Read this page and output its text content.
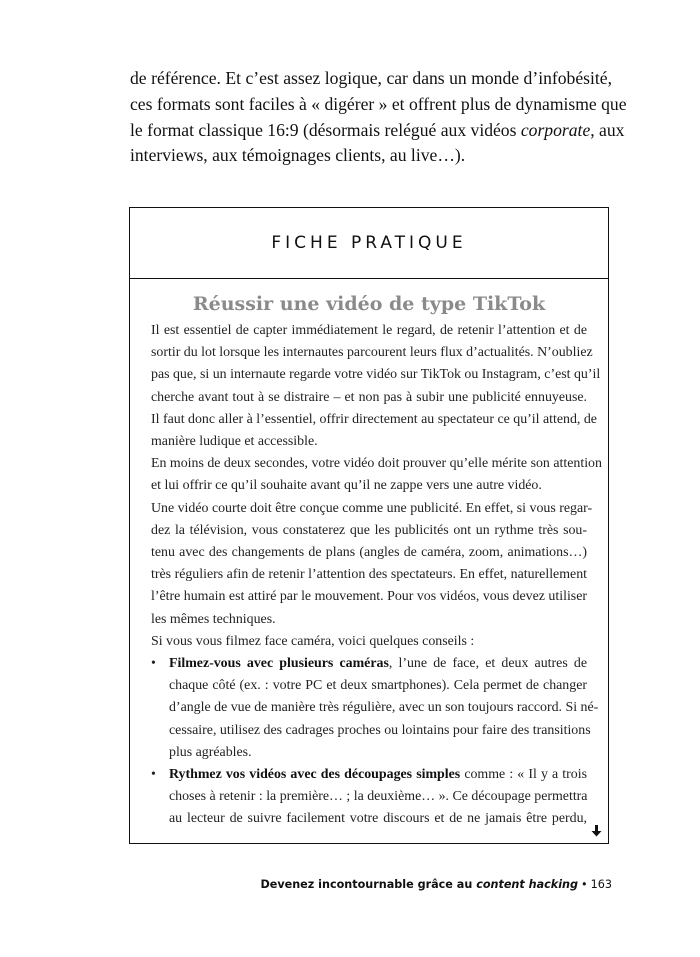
de référence. Et c’est assez logique, car dans un monde d’infobésité,
ces formats sont faciles à « digérer » et offrent plus de dynamisme que
le format classique 16:9 (désormais relégué aux vidéos corporate, aux
interviews, aux témoignages clients, au live…).
FICHE PRATIQUE
Réussir une vidéo de type TikTok
Il est essentiel de capter immédiatement le regard, de retenir l’attention et de
sortir du lot lorsque les internautes parcourent leurs flux d’actualités. N’oubliez
pas que, si un internaute regarde votre vidéo sur TikTok ou Instagram, c’est qu’il
cherche avant tout à se distraire – et non pas à subir une publicité ennuyeuse.
Il faut donc aller à l’essentiel, offrir directement au spectateur ce qu’il attend, de
manière ludique et accessible.
En moins de deux secondes, votre vidéo doit prouver qu’elle mérite son attention
et lui offrir ce qu’il souhaite avant qu’il ne zappe vers une autre vidéo.
Une vidéo courte doit être conçue comme une publicité. En effet, si vous regar-
dez la télévision, vous constaterez que les publicités ont un rythme très sou-
tenu avec des changements de plans (angles de caméra, zoom, animations…)
très réguliers afin de retenir l’attention des spectateurs. En effet, naturellement
l’être humain est attiré par le mouvement. Pour vos vidéos, vous devez utiliser
les mêmes techniques.
Si vous vous filmez face caméra, voici quelques conseils :
• Filmez-vous avec plusieurs caméras, l’une de face, et deux autres de
chaque côté (ex. : votre PC et deux smartphones). Cela permet de changer
d’angle de vue de manière très régulière, avec un son toujours raccord. Si né-
cessaire, utilisez des cadrages proches ou lointains pour faire des transitions
plus agréables.
• Rythmez vos vidéos avec des découpages simples comme : « Il y a trois
choses à retenir : la première… ; la deuxième… ». Ce découpage permettra
au lecteur de suivre facilement votre discours et de ne jamais être perdu,
Devenez incontournable grâce au content hacking • 163
